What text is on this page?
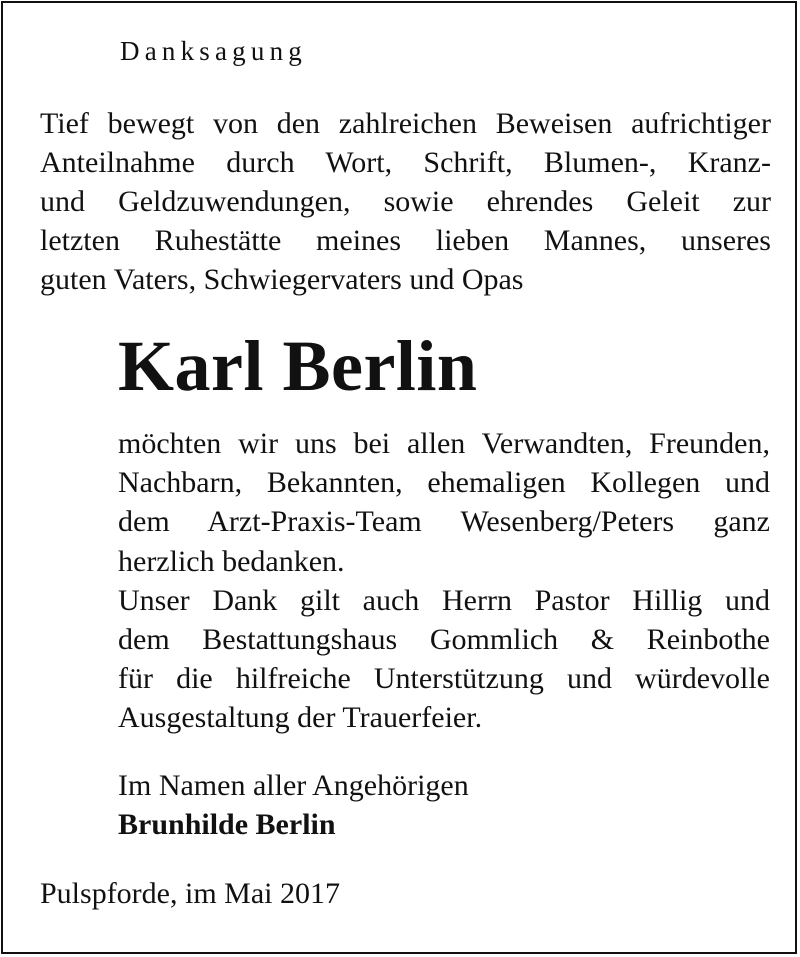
Danksagung

Tief bewegt von den zahlreichen Beweisen aufrichtiger
Anteilnahme durch Wort, Schrift, Blumen-, Kranz-
und Geldzuwendungen, sowie ehrendes Geleit zur
letzten Ruhestätte meines lieben Mannes, unseres
guten Vaters, Schwiegervaters und Opas

Karl Berlin

möchten wir uns bei allen Verwandten, Freunden,
Nachbarn, Bekannten, ehemaligen Kollegen und
dem Arzt-Praxis-Team Wesenberg/Peters ganz
herzlich bedanken.
Unser Dank gilt auch Herrn Pastor Hillig und
dem Bestattungshaus Gommlich & Reinbothe
für die hilfreiche Unterstützung und würdevolle
Ausgestaltung der Trauerfeier.

Im Namen aller Angehörigen
Brunhilde Berlin

Pulspforde, im Mai 2017
